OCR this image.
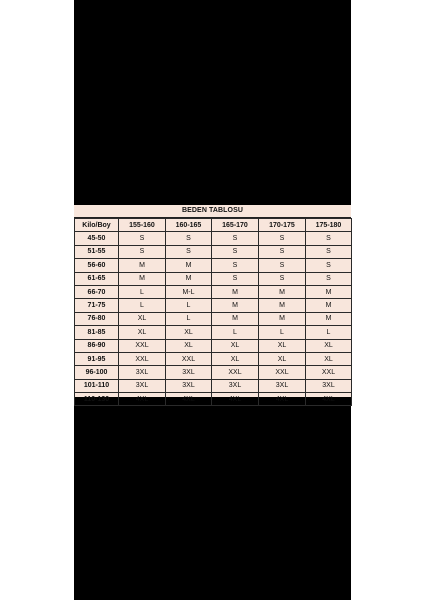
BEDEN TABLOSU
Kilo/Boy	155-160	160-165	165-170	170-175	175-180
45-50	S	S	S	S	S
51-55	S	S	S	S	S
56-60	M	M	S	S	S
61-65	M	M	S	S	S
66-70	L	M-L	M	M	M
71-75	L	L	M	M	M
76-80	XL	L	M	M	M
81-85	XL	XL	L	L	L
86-90	XXL	XL	XL	XL	XL
91-95	XXL	XXL	XL	XL	XL
96-100	3XL	3XL	XXL	XXL	XXL
101-110	3XL	3XL	3XL	3XL	3XL
110-130	4XL	4XL	4XL	4XL	4XL
